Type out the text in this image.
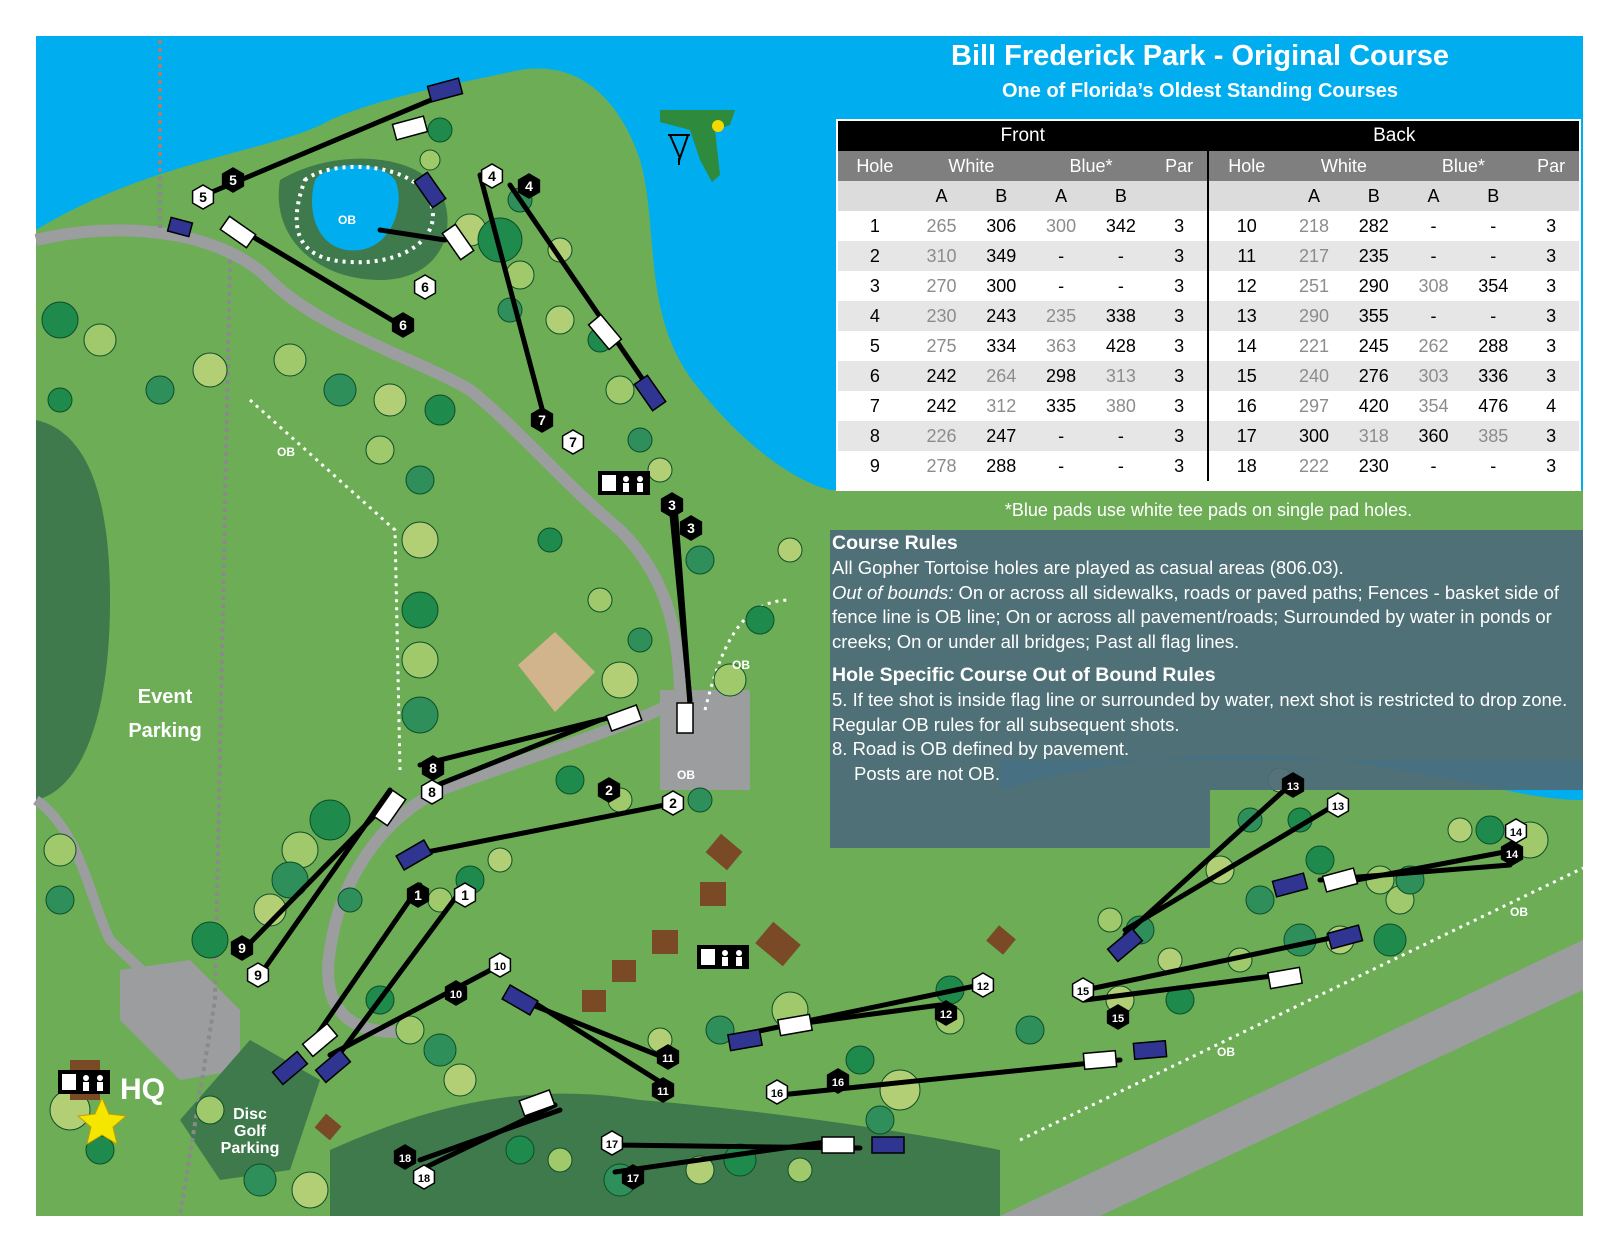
5
5
6
6
4
4
7
7
3
3
8
8	2
2
1	1
9
9	10
10
11
11
12
12
13
13
14
14
15
15
16
16
17
17
18
18
Bill Frederick Park - Original Course
One of Florida’s Oldest Standing Courses
Front						Back					
Hole	White		Blue*		Par	Hole	White		Blue*		Par
	A	B	A	B			A	B	A	B	
1	265	306	300	342	3	10	218	282	-	-	3
2	310	349	-	-	3	11	217	235	-	-	3
3	270	300	-	-	3	12	251	290	308	354	3
4	230	243	235	338	3	13	290	355	-	-	3
5	275	334	363	428	3	14	221	245	262	288	3
6	242	264	298	313	3	15	240	276	303	336	3
7	242	312	335	380	3	16	297	420	354	476	4
8	226	247	-	-	3	17	300	318	360	385	3
9	278	288	-	-	3	18	222	230	-	-	3
*Blue pads use white tee pads on single pad holes.
Course Rules

All Gopher Tortoise holes are played as casual areas (806.03).

Out of bounds: On or across all sidewalks, roads or paved paths; Fences - basket side of fence line is OB line; On or across all pavement/roads; Surrounded by water in ponds or creeks; On or under all bridges; Past all flag lines.

Hole Specific Course Out of Bound Rules

5. If tee shot is inside flag line or surrounded by water, next shot is restricted to drop zone. Regular OB rules for all subsequent shots.

8. Road is OB defined by pavement.

Posts are not OB.

Event
Parking
HQ
Disc
Golf
Parking
OB
OB
OB
OB
OB
OB
